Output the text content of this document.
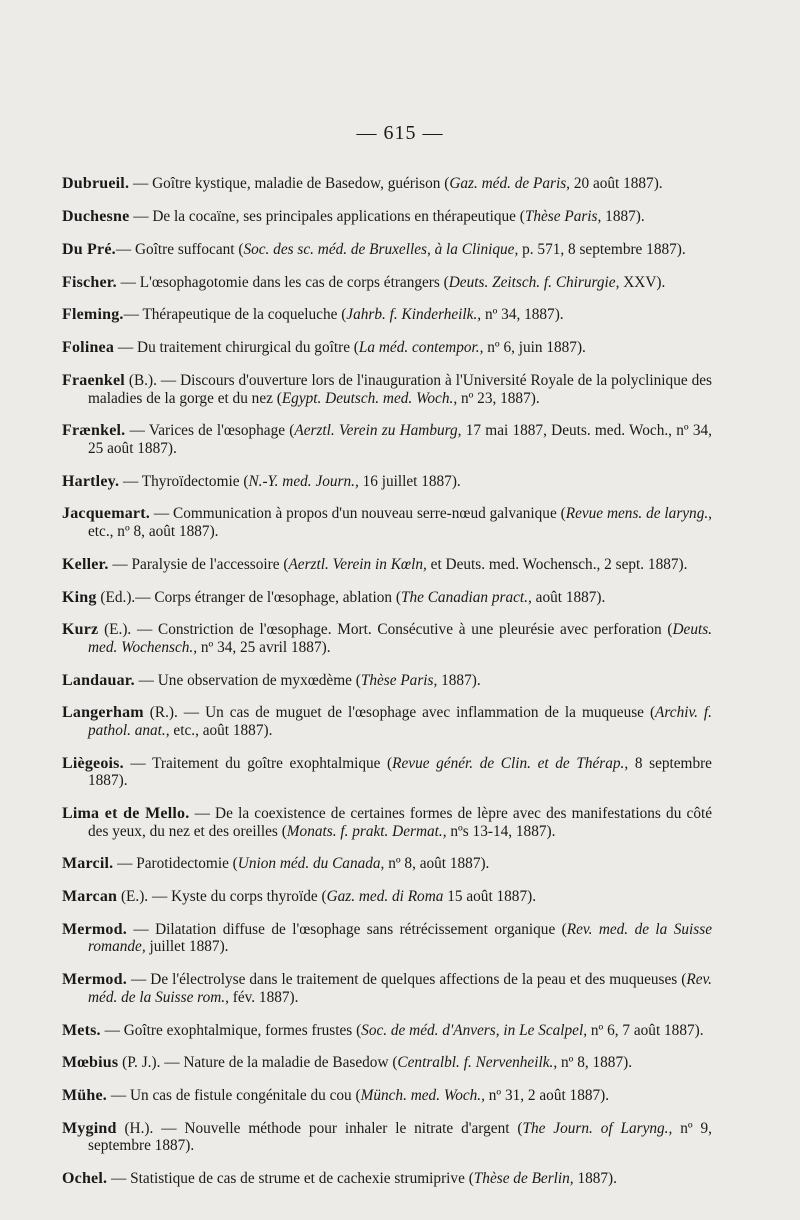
— 615 —

Dubrueil. — Goître kystique, maladie de Basedow, guérison (Gaz. méd. de Paris, 20 août 1887).

Duchesne — De la cocaïne, ses principales applications en thérapeutique (Thèse Paris, 1887).

Du Pré.— Goître suffocant (Soc. des sc. méd. de Bruxelles, à la Clinique, p. 571, 8 septembre 1887).

Fischer. — L'œsophagotomie dans les cas de corps étrangers (Deuts. Zeitsch. f. Chirurgie, XXV).

Fleming.— Thérapeutique de la coqueluche (Jahrb. f. Kinderheilk., nº 34, 1887).

Folinea — Du traitement chirurgical du goître (La méd. contempor., nº 6, juin 1887).

Fraenkel (B.). — Discours d'ouverture lors de l'inauguration à l'Université Royale de la polyclinique des maladies de la gorge et du nez (Egypt. Deutsch. med. Woch., nº 23, 1887).

Frænkel. — Varices de l'œsophage (Aerztl. Verein zu Hamburg, 17 mai 1887, Deuts. med. Woch., nº 34, 25 août 1887).

Hartley. — Thyroïdectomie (N.-Y. med. Journ., 16 juillet 1887).

Jacquemart. — Communication à propos d'un nouveau serre-nœud galvanique (Revue mens. de laryng., etc., nº 8, août 1887).

Keller. — Paralysie de l'accessoire (Aerztl. Verein in Kœln, et Deuts. med. Wochensch., 2 sept. 1887).

King (Ed.).— Corps étranger de l'œsophage, ablation (The Canadian pract., août 1887).

Kurz (E.). — Constriction de l'œsophage. Mort. Consécutive à une pleurésie avec perforation (Deuts. med. Wochensch., nº 34, 25 avril 1887).

Landauar. — Une observation de myxœdème (Thèse Paris, 1887).

Langerham (R.). — Un cas de muguet de l'œsophage avec inflammation de la muqueuse (Archiv. f. pathol. anat., etc., août 1887).

Liègeois. — Traitement du goître exophtalmique (Revue génér. de Clin. et de Thérap., 8 septembre 1887).

Lima et de Mello. — De la coexistence de certaines formes de lèpre avec des manifestations du côté des yeux, du nez et des oreilles (Monats. f. prakt. Dermat., nºs 13-14, 1887).

Marcil. — Parotidectomie (Union méd. du Canada, nº 8, août 1887).

Marcan (E.). — Kyste du corps thyroïde (Gaz. med. di Roma 15 août 1887).

Mermod. — Dilatation diffuse de l'œsophage sans rétrécissement organique (Rev. med. de la Suisse romande, juillet 1887).

Mermod. — De l'électrolyse dans le traitement de quelques affections de la peau et des muqueuses (Rev. méd. de la Suisse rom., fév. 1887).

Mets. — Goître exophtalmique, formes frustes (Soc. de méd. d'Anvers, in Le Scalpel, nº 6, 7 août 1887).

Mœbius (P. J.). — Nature de la maladie de Basedow (Centralbl. f. Nervenheilk., nº 8, 1887).

Mühe. — Un cas de fistule congénitale du cou (Münch. med. Woch., nº 31, 2 août 1887).

Mygind (H.). — Nouvelle méthode pour inhaler le nitrate d'argent (The Journ. of Laryng., nº 9, septembre 1887).

Ochel. — Statistique de cas de strume et de cachexie strumiprive (Thèse de Berlin, 1887).
